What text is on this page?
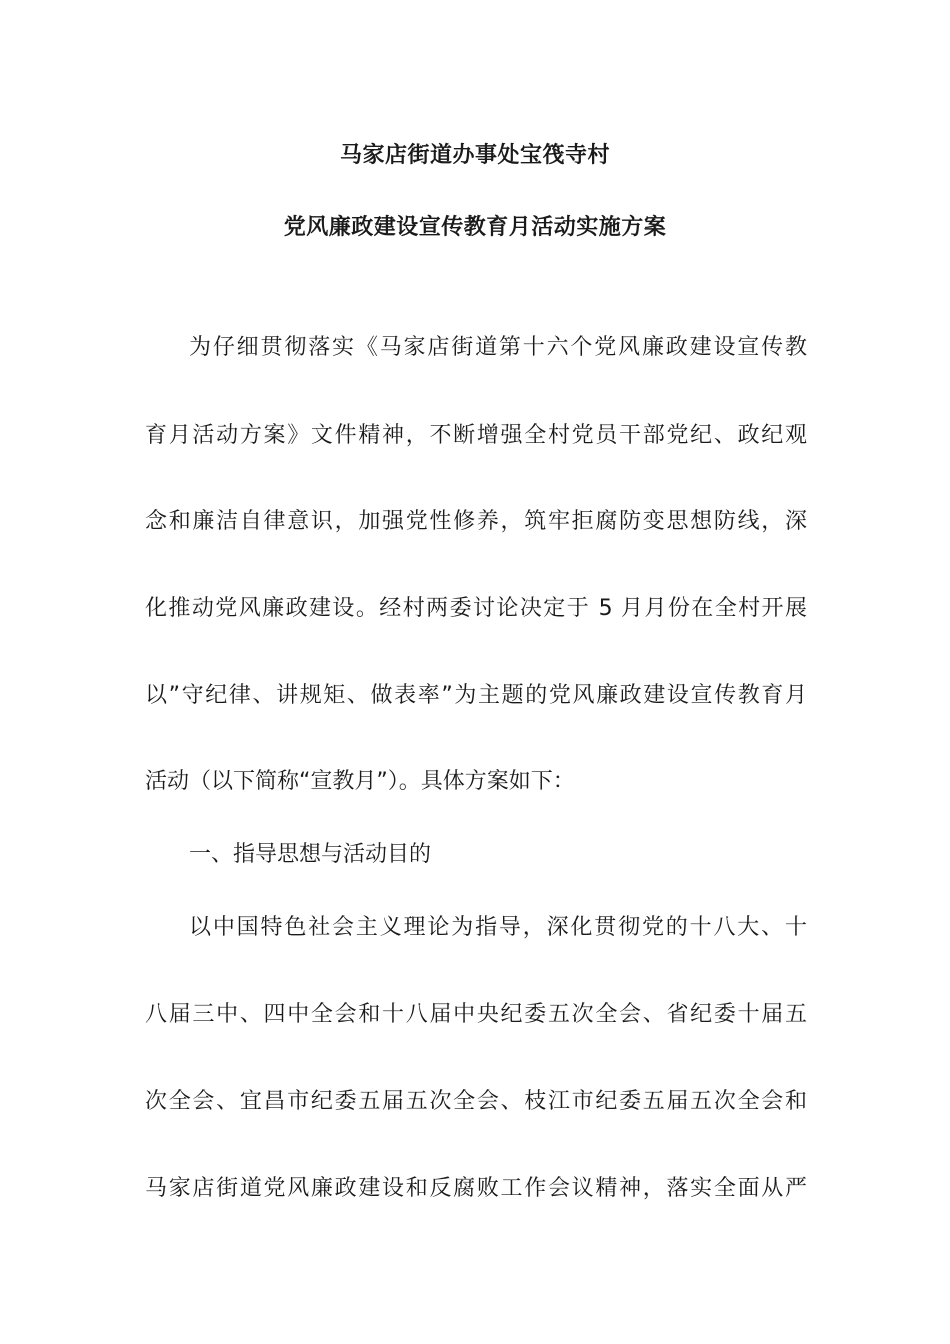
马家店街道办事处宝筏寺村
党风廉政建设宣传教育月活动实施方案
为仔细贯彻落实《马家店街道第十六个党风廉政建设宣传教
育月活动方案》文件精神，不断增强全村党员干部党纪、政纪观
念和廉洁自律意识，加强党性修养，筑牢拒腐防变思想防线，深
化推动党风廉政建设。经村两委讨论决定于 5 月月份在全村开展
以”守纪律、讲规矩、做表率”为主题的党风廉政建设宣传教育月
活动（以下简称“宣教月”）。具体方案如下：
一、指导思想与活动目的
以中国特色社会主义理论为指导，深化贯彻党的十八大、十
八届三中、四中全会和十八届中央纪委五次全会、省纪委十届五
次全会、宜昌市纪委五届五次全会、枝江市纪委五届五次全会和
马家店街道党风廉政建设和反腐败工作会议精神，落实全面从严
